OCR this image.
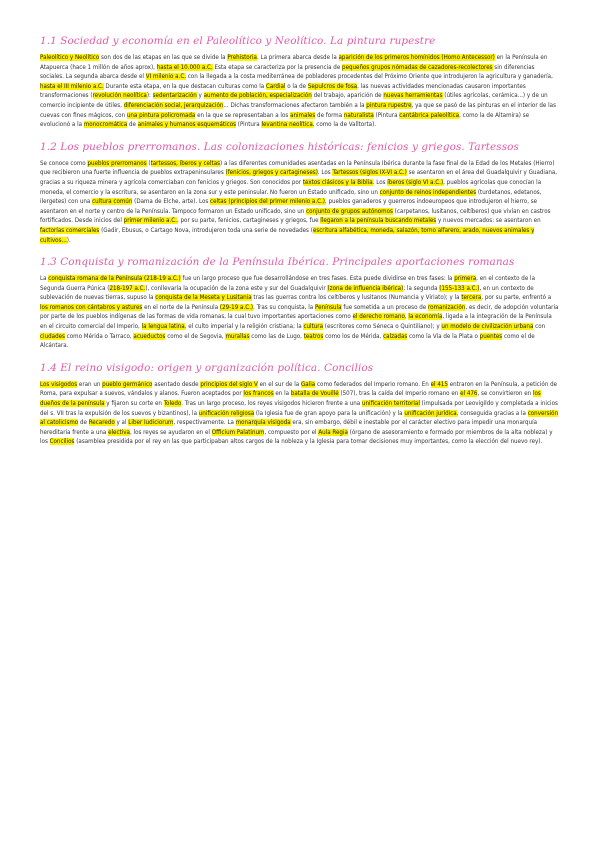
1.1 Sociedad y economía en el Paleolítico y Neolítico. La pintura rupestre

Paleolítico y Neolítico son dos de las etapas en las que se divide la Prehistoria. La primera abarca desde la aparición de los primeros homínidos (Homo Antecessor) en la Península en Atapuerca (hace 1 millón de años aprox), hasta el 10.000 a.C. Esta etapa se caracteriza por la presencia de pequeños grupos nómadas de cazadores-recolectores sin diferencias sociales. La segunda abarca desde el VI milenio a.C. con la llegada a la costa mediterránea de pobladores procedentes del Próximo Oriente que introdujeron la agricultura y ganadería, hasta el III milenio a.C. Durante esta etapa, en la que destacan culturas como la Cardial o la de Sepulcros de fosa, las nuevas actividades mencionadas causaron importantes transformaciones (revolución neolítica): sedentarización y aumento de población, especialización del trabajo, aparición de nuevas herramientas (útiles agrícolas, cerámica...) y de un comercio incipiente de útiles, diferenciación social, jerarquización... Dichas transformaciones afectaron también a la pintura rupestre, ya que se pasó de las pinturas en el interior de las cuevas con fines mágicos, con una pintura policromada en la que se representaban a los animales de forma naturalista (Pintura cantábrica paleolítica, como la de Altamira) se evolucionó a la monocromática de animales y humanos esquemáticos (Pintura levantina neolítica, como la de Valltorta).

1.2 Los pueblos prerromanos. Las colonizaciones históricas: fenicios y griegos. Tartessos

Se conoce como pueblos prerromanos (tartessos, íberos y celtas) a las diferentes comunidades asentadas en la Península Ibérica durante la fase final de la Edad de los Metales (Hierro) que recibieron una fuerte influencia de pueblos extrapeninsulares (fenicios, griegos y cartagineses). Los Tartessos (siglos IX-VI a.C.) se asentaron en el área del Guadalquivir y Guadiana, gracias a su riqueza minera y agrícola comerciaban con fenicios y griegos. Son conocidos por textos clásicos y la Biblia. Los íberos (siglo VI a.C.), pueblos agrícolas que conocían la moneda, el comercio y la escritura, se asentaron en la zona sur y este peninsular. No fueron un Estado unificado, sino un conjunto de reinos independientes (turdetanos, edetanos, ilergetes) con una cultura común (Dama de Elche, arte). Los celtas (principios del primer milenio a.C.), pueblos ganaderos y guerreros indoeuropeos que introdujeron el hierro, se asentaron en el norte y centro de la Península. Tampoco formaron un Estado unificado, sino un conjunto de grupos autónomos (carpetanos, lusitanos, celtíberos) que vivían en castros fortificados. Desde inicios del primer milenio a.C., por su parte, fenicios, cartagineses y griegos, fue llegaron a la península buscando metales y nuevos mercados: se asentaron en factorías comerciales (Gadir, Ebusus, o Cartago Nova, introdujeron toda una serie de novedades (escritura alfabética, moneda, salazón, torno alfarero, arado, nuevos animales y cultivos...).

1.3 Conquista y romanización de la Península Ibérica. Principales aportaciones romanas

La conquista romana de la Península (218-19 a.C.) fue un largo proceso que fue desarrollándose en tres fases. Esta puede dividirse en tres fases: la primera, en el contexto de la Segunda Guerra Púnica (218-197 a.C.), conllevaría la ocupación de la zona este y sur del Guadalquivir (zona de influencia ibérica); la segunda (155-133 a.C.), en un contexto de sublevación de nuevas tierras, supuso la conquista de la Meseta y Lusitania tras las guerras contra los celtíberos y lusitanos (Numancia y Viriato); y la tercera, por su parte, enfrentó a los romanos con cántabros y astures en el norte de la Península (29-19 a.C.). Tras su conquista, la Península fue sometida a un proceso de romanización, es decir, de adopción voluntaria por parte de los pueblos indígenas de las formas de vida romanas, la cual tuvo importantes aportaciones como el derecho romano, la economía, ligada a la integración de la Península en el circuito comercial del Imperio, la lengua latina, el culto imperial y la religión cristiana; la cultura (escritores como Séneca o Quintiliano); y un modelo de civilización urbana con ciudades como Mérida o Tarraco, acueductos como el de Segovia, murallas como las de Lugo, teatros como los de Mérida, calzadas como la Vía de la Plata o puentes como el de Alcántara.

1.4 El reino visigodo: origen y organización política. Concilios

Los visigodos eran un pueblo germánico asentado desde principios del siglo V en el sur de la Galia como federados del Imperio romano. En el 415 entraron en la Península, a petición de Roma, para expulsar a suevos, vándalos y alanos. Fueron aceptados por los francos en la batalla de Vouillé (507), tras la caída del Imperio romano en el 476, se convirtieron en los dueños de la península y fijaron su corte en Toledo. Tras un largo proceso, los reyes visigodos hicieron frente a una unificación territorial (impulsada por Leovigildo y completada a inicios del s. VII tras la expulsión de los suevos y bizantinos), la unificación religiosa (la Iglesia fue de gran apoyo para la unificación) y la unificación jurídica, conseguida gracias a la conversión al catolicismo de Recaredo y al Liber Iudiciorum, respectivamente. La monarquía visigoda era, sin embargo, débil e inestable por el carácter electivo para impedir una monarquía hereditaria frente a una electiva, los reyes se ayudaron en el Officium Palatinum, compuesto por el Aula Regia (órgano de asesoramiento e formado por miembros de la alta nobleza) y los Concilios (asamblea presidida por el rey en las que participaban altos cargos de la nobleza y la Iglesia para tomar decisiones muy importantes, como la elección del nuevo rey).
